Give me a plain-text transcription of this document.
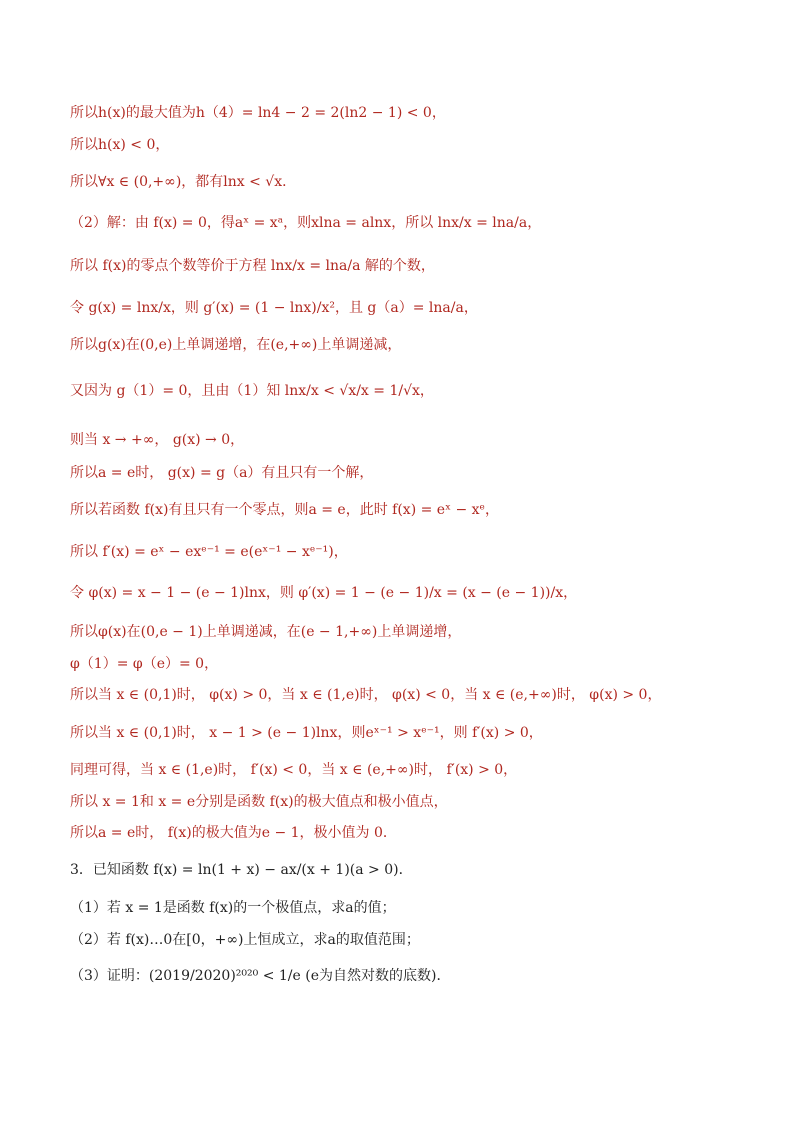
所以h(x)的最大值为h（4）= ln4 − 2 = 2(ln2 − 1) < 0，
所以h(x) < 0，
所以∀x ∈ (0,+∞)，都有lnx < √x．
（2）解：由 f(x) = 0，得aˣ = xᵃ，则xlna = alnx，所以 lnx/x = lna/a，
所以 f(x)的零点个数等价于方程 lnx/x = lna/a 解的个数，
令 g(x) = lnx/x，则 g′(x) = (1 − lnx)/x²，且 g（a）= lna/a，
所以g(x)在(0,e)上单调递增，在(e,+∞)上单调递减，
又因为 g（1）= 0，且由（1）知 lnx/x < √x/x = 1/√x，
则当 x → +∞， g(x) → 0，
所以a = e时， g(x) = g（a）有且只有一个解，
所以若函数 f(x)有且只有一个零点，则a = e，此时 f(x) = eˣ − xᵉ，
所以 f′(x) = eˣ − exᵉ⁻¹ = e(eˣ⁻¹ − xᵉ⁻¹)，
令 φ(x) = x − 1 − (e − 1)lnx，则 φ′(x) = 1 − (e − 1)/x = (x − (e − 1))/x，
所以φ(x)在(0,e − 1)上单调递减，在(e − 1,+∞)上单调递增，
φ（1）= φ（e）= 0，
所以当 x ∈ (0,1)时， φ(x) > 0，当 x ∈ (1,e)时， φ(x) < 0，当 x ∈ (e,+∞)时， φ(x) > 0，
所以当 x ∈ (0,1)时， x − 1 > (e − 1)lnx，则eˣ⁻¹ > xᵉ⁻¹，则 f′(x) > 0，
同理可得，当 x ∈ (1,e)时， f′(x) < 0，当 x ∈ (e,+∞)时， f′(x) > 0，
所以 x = 1和 x = e分别是函数 f(x)的极大值点和极小值点，
所以a = e时， f(x)的极大值为e − 1，极小值为 0．
3．已知函数 f(x) = ln(1 + x) − ax/(x + 1)(a > 0)．
（1）若 x = 1是函数 f(x)的一个极值点，求a的值；
（2）若 f(x)…0在[0，+∞)上恒成立，求a的取值范围；
（3）证明：(2019/2020)²⁰²⁰ < 1/e (e为自然对数的底数)．
